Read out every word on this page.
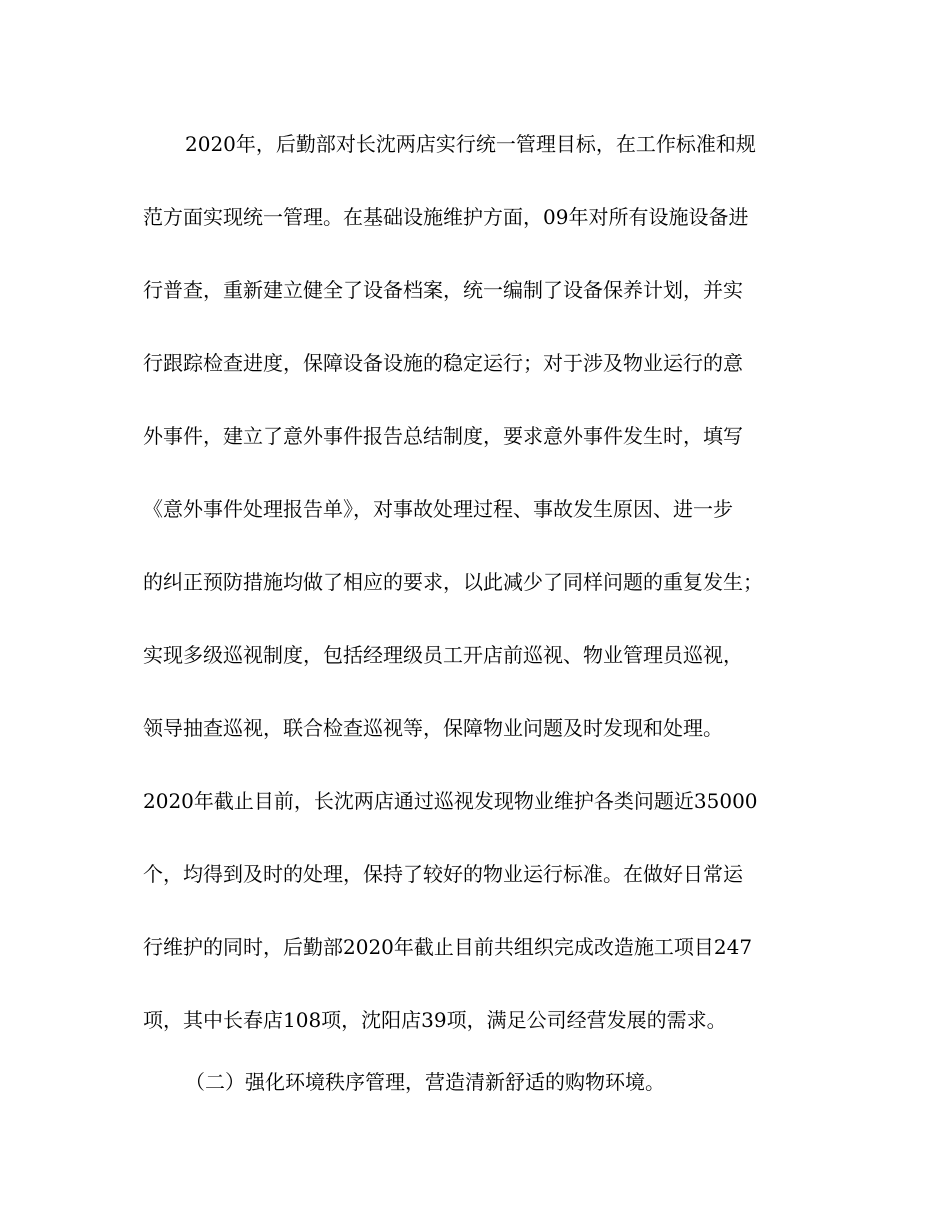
2020年，后勤部对长沈两店实行统一管理目标，在工作标准和规

范方面实现统一管理。在基础设施维护方面，09年对所有设施设备进

行普查，重新建立健全了设备档案，统一编制了设备保养计划，并实

行跟踪检查进度，保障设备设施的稳定运行；对于涉及物业运行的意

外事件，建立了意外事件报告总结制度，要求意外事件发生时，填写

《意外事件处理报告单》，对事故处理过程、事故发生原因、进一步

的纠正预防措施均做了相应的要求，以此减少了同样问题的重复发生；

实现多级巡视制度，包括经理级员工开店前巡视、物业管理员巡视，

领导抽查巡视，联合检查巡视等，保障物业问题及时发现和处理。

2020年截止目前，长沈两店通过巡视发现物业维护各类问题近35000

个，均得到及时的处理，保持了较好的物业运行标准。在做好日常运

行维护的同时，后勤部2020年截止目前共组织完成改造施工项目247

项，其中长春店108项，沈阳店39项，满足公司经营发展的需求。

（二）强化环境秩序管理，营造清新舒适的购物环境。
